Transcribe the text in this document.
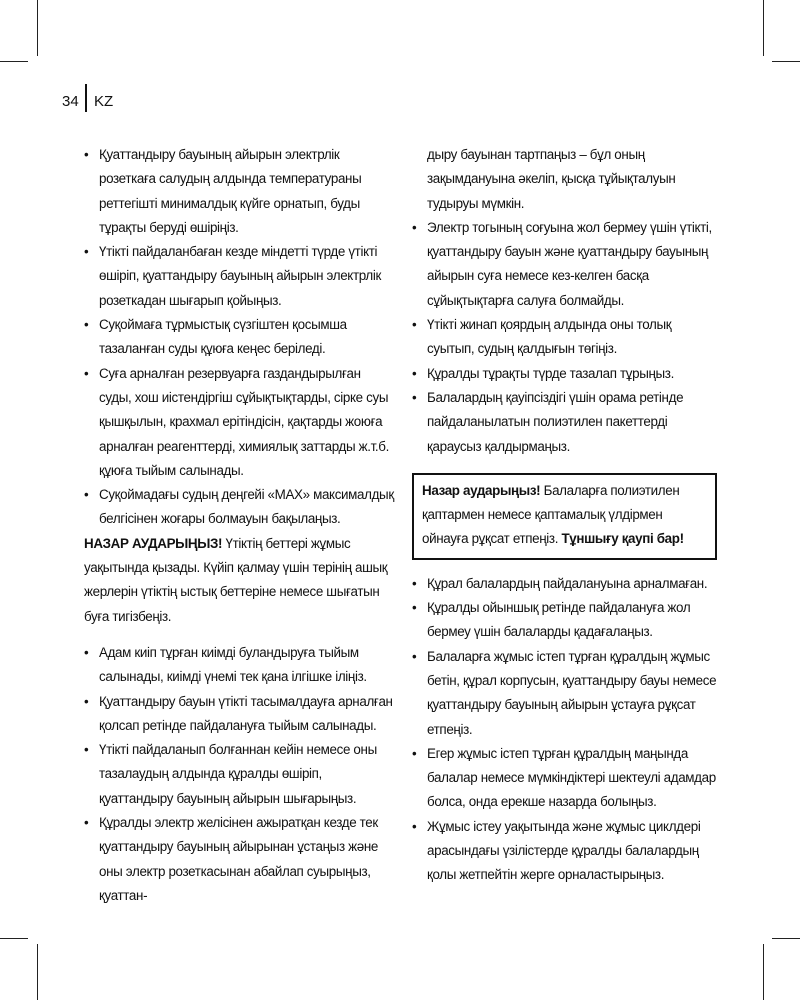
34 KZ
• Қуаттандыру бауының айырын электрлік розеткаға салудың алдында температураны реттегішті минималдық күйге орнатып, буды тұрақты беруді өшіріңіз.
• Үтікті пайдаланбаған кезде міндетті түрде үтікті өшіріп, қуаттандыру бауының айырын электрлік розеткадан шығарып қойыңыз.
• Суқоймаға тұрмыстық сүзгіштен қосымша тазаланған суды құюға кеңес беріледі.
• Суға арналған резервуарға газдандырылған суды, хош иістендіргіш сұйықтықтарды, сірке суы қышқылын, крахмал ерітіндісін, қақтарды жоюға арналған реагенттерді, химиялық заттарды ж.т.б. құюға тыйым салынады.
• Суқоймадағы судың деңгейі «MAX» максималдық белгісінен жоғары болмауын бақылаңыз.

НАЗАР АУДАРЫҢЫЗ! Үтіктің беттері жұмыс уақытында қызады. Күйіп қалмау үшін терінің ашық жерлерін үтіктің ыстық беттеріне немесе шығатын буға тигізбеңіз.

• Адам киіп тұрған киімді буландыруға тыйым салынады, киімді үнемі тек қана ілгішке іліңіз.
• Қуаттандыру бауын үтікті тасымалдауға арналған қолсап ретінде пайдалануға тыйым салынады.
• Үтікті пайдаланып болғаннан кейін немесе оны тазалаудың алдында құралды өшіріп, қуаттандыру бауының айырын шығарыңыз.
• Құралды электр желісінен ажыратқан кезде тек қуаттандыру бауының айырынан ұстаңыз және оны электр розеткасынан абайлап суырыңыз, қуаттан-

дыру бауынан тартпаңыз – бұл оның зақымдануына әкеліп, қысқа тұйықталуын тудыруы мүмкін.

• Электр тогының соғуына жол бермеу үшін үтікті, қуаттандыру бауын және қуаттандыру бауының айырын суға немесе кез-келген басқа сұйықтықтарға салуға болмайды.
• Үтікті жинап қоярдың алдында оны толық суытып, судың қалдығын төгіңіз.
• Құралды тұрақты түрде тазалап тұрыңыз.
• Балалардың қауіпсіздігі үшін орама ретінде пайдаланылатын полиэтилен пакеттерді қараусыз қалдырмаңыз.
Назар аударыңыз! Балаларға полиэтилен қаптармен немесе қаптамалық үлдірмен ойнауға рұқсат етпеңіз. Тұншығу қаупі бар!
• Құрал балалардың пайдалануына арналмаған.
• Құралды ойыншық ретінде пайдалануға жол бермеу үшін балаларды қадағалаңыз.
• Балаларға жұмыс істеп тұрған құралдың жұмыс бетін, құрал корпусын, қуаттандыру бауы немесе қуаттандыру бауының айырын ұстауға рұқсат етпеңіз.
• Егер жұмыс істеп тұрған құралдың маңында балалар немесе мүмкіндіктері шектеулі адамдар болса, онда ерекше назарда болыңыз.
• Жұмыс істеу уақытында және жұмыс циклдері арасындағы үзілістерде құралды балалардың қолы жетпейтін жерге орналастырыңыз.
